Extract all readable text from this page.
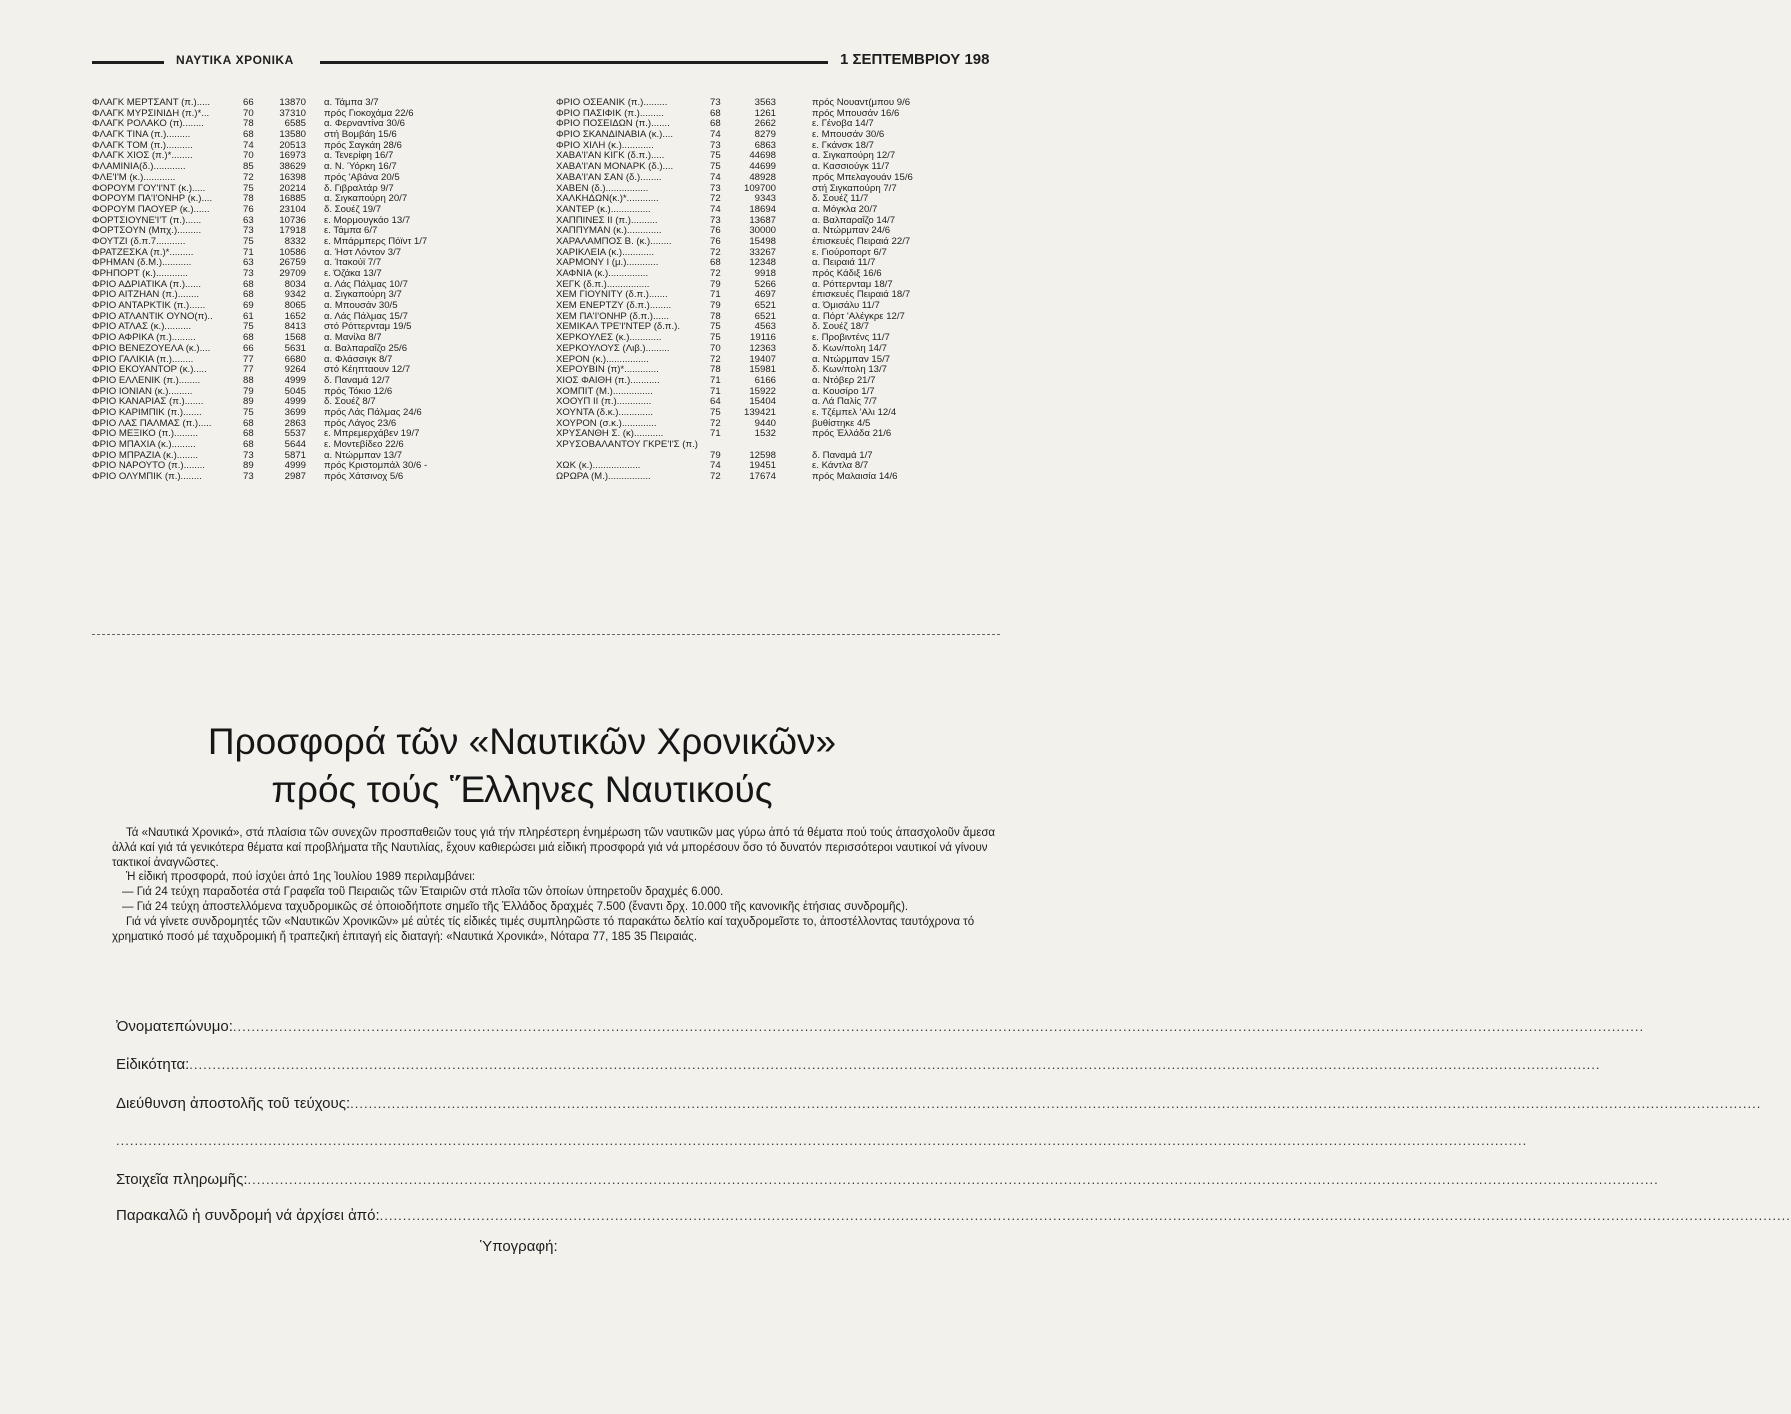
ΝΑΥΤΙΚΑ ΧΡΟΝΙΚΑ	1 ΣΕΠΤΕΜΒΡΙΟΥ 198
ΦΛΑΓΚ ΜΕΡΤΣΑΝΤ (π.).....	66	13870 α. Τάμπα 3/7
ΦΛΑΓΚ ΜΥΡΣΙΝΙΔΗ (π.)*...	70	37310 πρός Γιοκοχάμα 22/6
ΦΛΑΓΚ ΡΟΛΑΚΟ (π)........	78	6585 α. Φερναντίνα 30/6
ΦΛΑΓΚ ΤΙΝΑ (π.).........	68	13580 στή Βομβάη 15/6
ΦΛΑΓΚ ΤΟΜ (π.)..........	74	20513 πρός Σαγκάη 28/6
ΦΛΑΓΚ ΧΙΟΣ (π.)*........	70	16973 α. Τενερίφη 16/7
ΦΛΑΜΙΝΙΑ(δ.)............	85	38629 α. Ν. Ύόρκη 16/7
ΦΛΕ'Ι'Μ (κ.)............	72	16398 πρός 'Αβάνα 20/5
ΦΟΡΟΥΜ ΓΟΥ'Ι'ΝΤ (κ.).....	75	20214 δ. Γιβραλτάρ 9/7
ΦΟΡΟΥΜ ΠΑ'Ι'ΟΝΗΡ (κ.)....	78	16885 α. Σιγκαπούρη 20/7
ΦΟΡΟΥΜ ΠΑΟΥΕΡ (κ.)......	76	23104 δ. Σουέζ 19/7
ΦΟΡΤΣΙΟΥΝΕ'Ι'Τ (π.)......	63	10736 ε. Μορμουγκάο 13/7
ΦΟΡΤΣΟΥΝ (Μπχ.).........	73	17918 ε. Τάμπα 6/7
ΦΟΥΤΖΙ (δ.π.7...........	75	8332 ε. Μπάρμπερς Πόϊντ 1/7
ΦΡΑΤΖΕΣΚΑ (π.)*.........	71	10586 α. Ήστ Λόντον 3/7
ΦΡΗΜΑΝ (δ.Μ.)...........	63	26759 α. Ίτακούϊ 7/7
ΦΡΗΠΟΡΤ (κ.)............	73	29709 ε. Όζάκα 13/7
ΦΡΙΟ ΑΔΡΙΑΤΙΚΑ (π.)......	68	8034 α. Λάς Πάλμας 10/7
ΦΡΙΟ ΑΙΤΖΗΑΝ (π.)........	68	9342 α. Σιγκαπούρη 3/7
ΦΡΙΟ ΑΝΤΑΡΚΤΙΚ (π.)......	69	8065 α. Μπουσάν 30/5
ΦΡΙΟ ΑΤΛΑΝΤΙΚ ΟΥΝΟ(π)..	61	1652 α. Λάς Πάλμας 15/7
ΦΡΙΟ ΑΤΛΑΣ (κ.)..........	75	8413 στό Ρόττερνταμ 19/5
ΦΡΙΟ ΑΦΡΙΚΑ (π.).........	68	1568 α. Μανίλα 8/7
ΦΡΙΟ ΒΕΝΕΖΟΥΕΛΑ (κ.)....	66	5631 α. Βαλπαραΐζο 25/6
ΦΡΙΟ ΓΑΛΙΚΙΑ (π.)........	77	6680 α. Φλάσσιγκ 8/7
ΦΡΙΟ ΕΚΟΥΑΝΤΟΡ (κ.).....	77	9264 στό Κέηπταουν 12/7
ΦΡΙΟ ΕΛΛΕΝΙΚ (π.)........	88	4999 δ. Παναμά 12/7
ΦΡΙΟ ΙΟΝΙΑΝ (κ.).........	79	5045 πρός Τόκιο 12/6
ΦΡΙΟ ΚΑΝΑΡΙΑΣ (π.).......	89	4999 δ. Σουέζ 8/7
ΦΡΙΟ ΚΑΡΙΜΠΙΚ (π.).......	75	3699 πρός Λάς Πάλμας 24/6
ΦΡΙΟ ΛΑΣ ΠΑΛΜΑΣ (π.).....	68	2863 πρός Λάγος 23/6
ΦΡΙΟ ΜΕΞΙΚΟ (π.).........	68	5537 ε. Μπρεμερχάβεν 19/7
ΦΡΙΟ ΜΠΑΧΙΑ (κ.).........	68	5644 ε. Μοντεβίδεο 22/6
ΦΡΙΟ ΜΠΡΑΖΙΑ (κ.)........	73	5871 α. Ντώρμπαν 13/7
ΦΡΙΟ ΝΑΡΟΥΤΟ (π.)........	89	4999 πρός Κριστομπάλ 30/6 -
ΦΡΙΟ ΟΛΥΜΠΙΚ (π.)........	73	2987 πρός Χάτσινοχ 5/6
ΦΡΙΟ ΟΣΕΑΝΙΚ (π.).........	73	3563	πρός Νουαντ(μπου 9/6
ΦΡΙΟ ΠΑΣΙΦΙΚ (π.).........	68	1261	πρός Μπουσάν 16/6
ΦΡΙΟ ΠΟΣΕΙΔΩΝ (π.).......	68	2662	ε. Γένοβα 14/7
ΦΡΙΟ ΣΚΑΝΔΙΝΑΒΙΑ (κ.)....	74	8279	ε. Μπουσάν 30/6
ΦΡΙΟ ΧΙΛΗ (κ.)............	73	6863	ε. Γκάνσκ 18/7
ΧΑΒΑ'Ι'ΑΝ ΚΙΓΚ (δ.π.).....	75	44698	α. Σιγκαπούρη 12/7
ΧΑΒΑ'Ι'ΑΝ ΜΟΝΑΡΚ (δ.)....	75	44699	α. Κασσιούγκ 11/7
ΧΑΒΑ'Ι'ΑΝ ΣΑΝ (δ.)........	74	48928	πρός Μπελαγουάν 15/6
ΧΑΒΕΝ (δ.)................	73	109700	στή Σιγκαπούρη 7/7
ΧΑΛΚΗΔΩΝ(κ.)*............	72	9343	δ. Σουέζ 11/7
ΧΑΝΤΕΡ (κ.)...............	74	18694	α. Μόγκλα 20/7
ΧΑΠΠΙΝΕΣ ΙΙ (π.)..........	73	13687	α. Βαλπαραΐζο 14/7
ΧΑΠΠΥΜΑΝ (κ.).............	76	30000	α. Ντώρμπαν 24/6
ΧΑΡΑΛΑΜΠΟΣ Β. (κ.)........	76	15498	έπισκευές Πειραιά 22/7
ΧΑΡΙΚΛΕΙΑ (κ.)............	72	33267	ε. Γιούροπορτ 6/7
ΧΑΡΜΟΝΥ Ι (μ.)............	68	12348	α. Πειραιά 11/7
ΧΑΦΝΙΑ (κ.)...............	72	9918	πρός Κάδιξ 16/6
ΧΕΓΚ (δ.π.)................	79	5266	α. Ρόττερνταμ 18/7
ΧΕΜ ΓΙΟΥΝΙΤΥ (δ.π.).......	71	4697	έπισκευές Πειραιά 18/7
ΧΕΜ ΕΝΕΡΤΖΥ (δ.π.)........	79	6521	α. Όμισάλυ 11/7
ΧΕΜ ΠΑ'Ι'ΟΝΗΡ (δ.π.)......	78	6521	α. Πόρτ 'Αλέγκρε 12/7
ΧΕΜΙΚΑΛ ΤΡΕ'Ι'ΝΤΕΡ (δ.π.).	75	4563	δ. Σουέζ 18/7
ΧΕΡΚΟΥΛΕΣ (κ.)............	75	19116	ε. Προβιντένς 11/7
ΧΕΡΚΟΥΛΟΥΣ (Λιβ.).........	70	12363	δ. Κων/πολη 14/7
ΧΕΡΟΝ (κ.)................	72	19407	α. Ντώρμπαν 15/7
ΧΕΡΟΥΒΙΝ (π)*.............	78	15981	δ. Κων/πολη 13/7
ΧΙΟΣ ΦΑΙΘΗ (π.)...........	71	6166	α. Ντόβερ 21/7
ΧΟΜΠΙΤ (Μ.)...............	71	15922	α. Κουσίρο 1/7
ΧΟΟΥΠ ΙΙ (π.).............	64	15404	α. Λά Παλίς 7/7
ΧΟΥΝΤΑ (δ.κ.).............	75	139421	ε. Τζέμπελ 'Αλι 12/4
ΧΟΥΡΟΝ (σ.κ.).............	72	9440	βυθίστηκε 4/5
ΧΡΥΣΑΝΘΗ Σ. (κ)...........	71	1532	πρός Ἑλλάδα 21/6
ΧΡΥΣΟΒΑΛΑΝΤΟΥ ΓΚΡΕ'Ι'Σ (π.)
79	12598	δ. Παναμά 1/7
ΧΩΚ (κ.)..................	74	19451	ε. Κάντλα 8/7
ΩΡΩΡΑ (Μ.)................	72	17674	πρός Μαλαισία 14/6
Προσφορά τῶν «Ναυτικῶν Χρονικῶν»
πρός τούς Ἕλληνες Ναυτικούς

Τά «Ναυτικά Χρονικά», στά πλαίσια τῶν συνεχῶν προσπαθειῶν τους γιά τήν πληρέστερη ἐνημέρωση τῶν ναυτικῶν μας γύρω ἀπό τά θέματα πού τούς ἀπασχολοῦν ἄμεσα ἀλλά καί γιά τά γενικότερα θέματα καί προβλήματα τῆς Ναυτιλίας, ἔχουν καθιερώσει μιά εἰδική προσφορά γιά νά μπορέσουν ὅσο τό δυνατόν περισσότεροι ναυτικοί νά γίνουν τακτικοί ἀναγνῶστες.

Ἡ εἰδική προσφορά, πού ἰσχύει ἀπό 1ης Ἰουλίου 1989 περιλαμβάνει:

— Γιά 24 τεύχη παραδοτέα στά Γραφεῖα τοῦ Πειραιῶς τῶν Ἑταιριῶν στά πλοῖα τῶν ὁποίων ὑπηρετοῦν δραχμές 6.000.

— Γιά 24 τεύχη ἀποστελλόμενα ταχυδρομικῶς σέ ὁποιοδήποτε σημεῖο τῆς Ἑλλάδος δραχμές 7.500 (ἔναντι δρχ. 10.000 τῆς κανονικῆς ἐτήσιας συνδρομῆς).

Γιά νά γίνετε συνδρομητές τῶν «Ναυτικῶν Χρονικῶν» μέ αὐτές τίς εἰδικές τιμές συμπληρῶστε τό παρακάτω δελτίο καί ταχυδρομεῖστε το, ἀποστέλλοντας ταυτόχρονα τό χρηματικό ποσό μέ ταχυδρομική ἤ τραπεζική ἐπιταγή εἰς διαταγή: «Ναυτικά Χρονικά», Νόταρα 77, 185 35 Πειραιάς.

Ὀνοματεπώνυμο: ..................................................................................................................................................................................................................................................................................................................
Εἰδικότητα: ..................................................................................................................................................................................................................................................................................................................
Διεύθυνση ἀποστολῆς τοῦ τεύχους: ..................................................................................................................................................................................................................................................................................................................
..................................................................................................................................................................................................................................................................................................................
Στοιχεῖα πληρωμῆς: ..................................................................................................................................................................................................................................................................................................................
Παρακαλῶ ἡ συνδρομή νά ἀρχίσει ἀπό: ..................................................................................................................................................................................................................................................................................................................
Ὑπογραφή:
